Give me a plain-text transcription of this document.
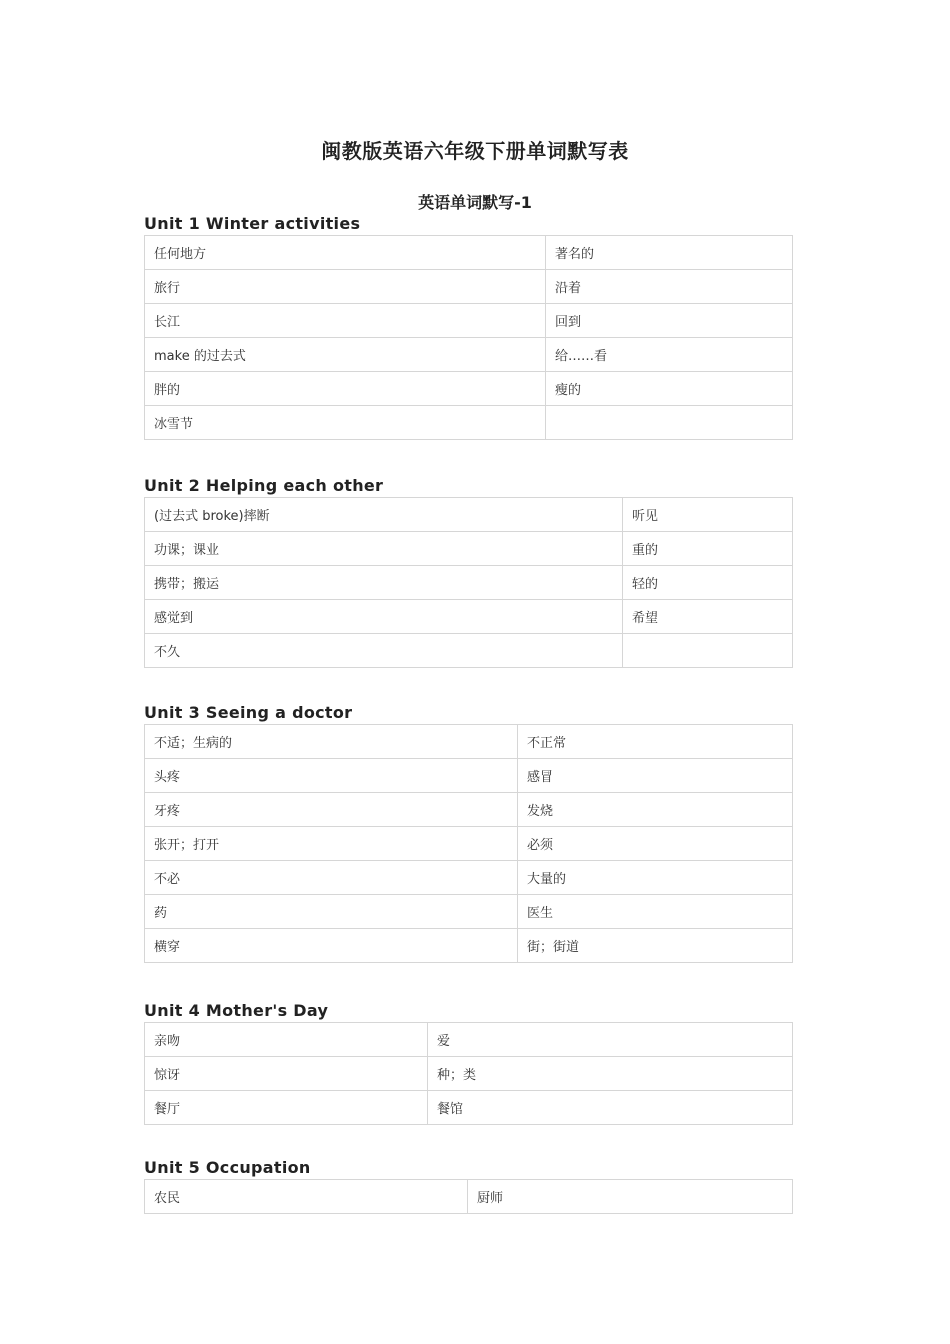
闽教版英语六年级下册单词默写表
英语单词默写-1
Unit 1 Winter activities
任何地方	著名的
旅行	沿着
长江	回到
make 的过去式	给……看
胖的	瘦的
冰雪节	
Unit 2 Helping each other
(过去式 broke)摔断	听见
功课；课业	重的
携带；搬运	轻的
感觉到	希望
不久	
Unit 3 Seeing a doctor
不适；生病的	不正常
头疼	感冒
牙疼	发烧
张开；打开	必须
不必	大量的
药	医生
横穿	街；街道
Unit 4 Mother's Day
亲吻	爱
惊讶	种；类
餐厅	餐馆
Unit 5 Occupation
农民	厨师
